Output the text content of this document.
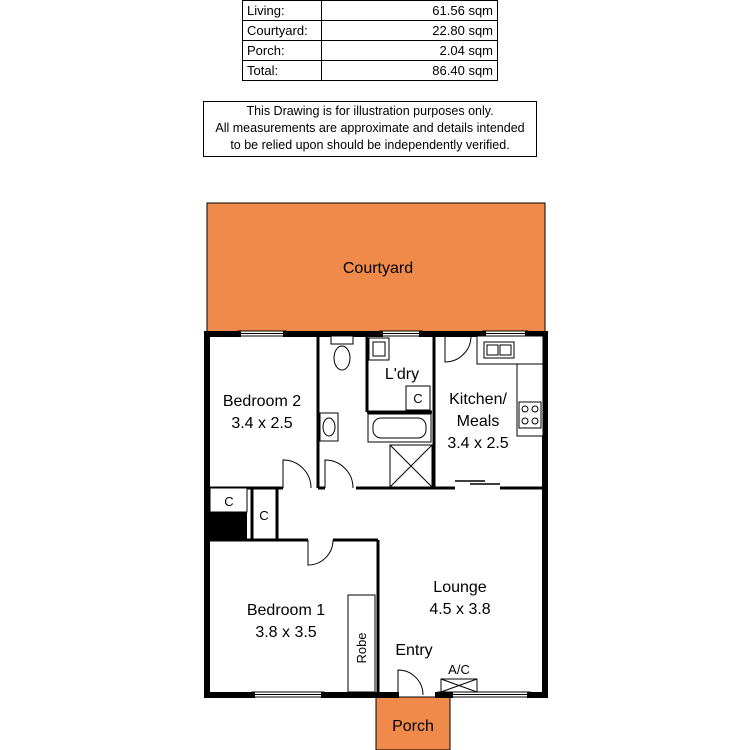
Living:	61.56 sqm
Courtyard:	22.80 sqm
Porch:	2.04 sqm
Total:	86.40 sqm
This Drawing is for illustration purposes only.
All measurements are approximate and details intended
to be relied upon should be independently verified.
C
C
C
Robe
Courtyard
Bedroom 2
3.4 x 2.5
L'dry
Kitchen/
Meals
3.4 x 2.5
Lounge
4.5 x 3.8
Bedroom 1
3.8 x 3.5
Entry
A/C
Porch
